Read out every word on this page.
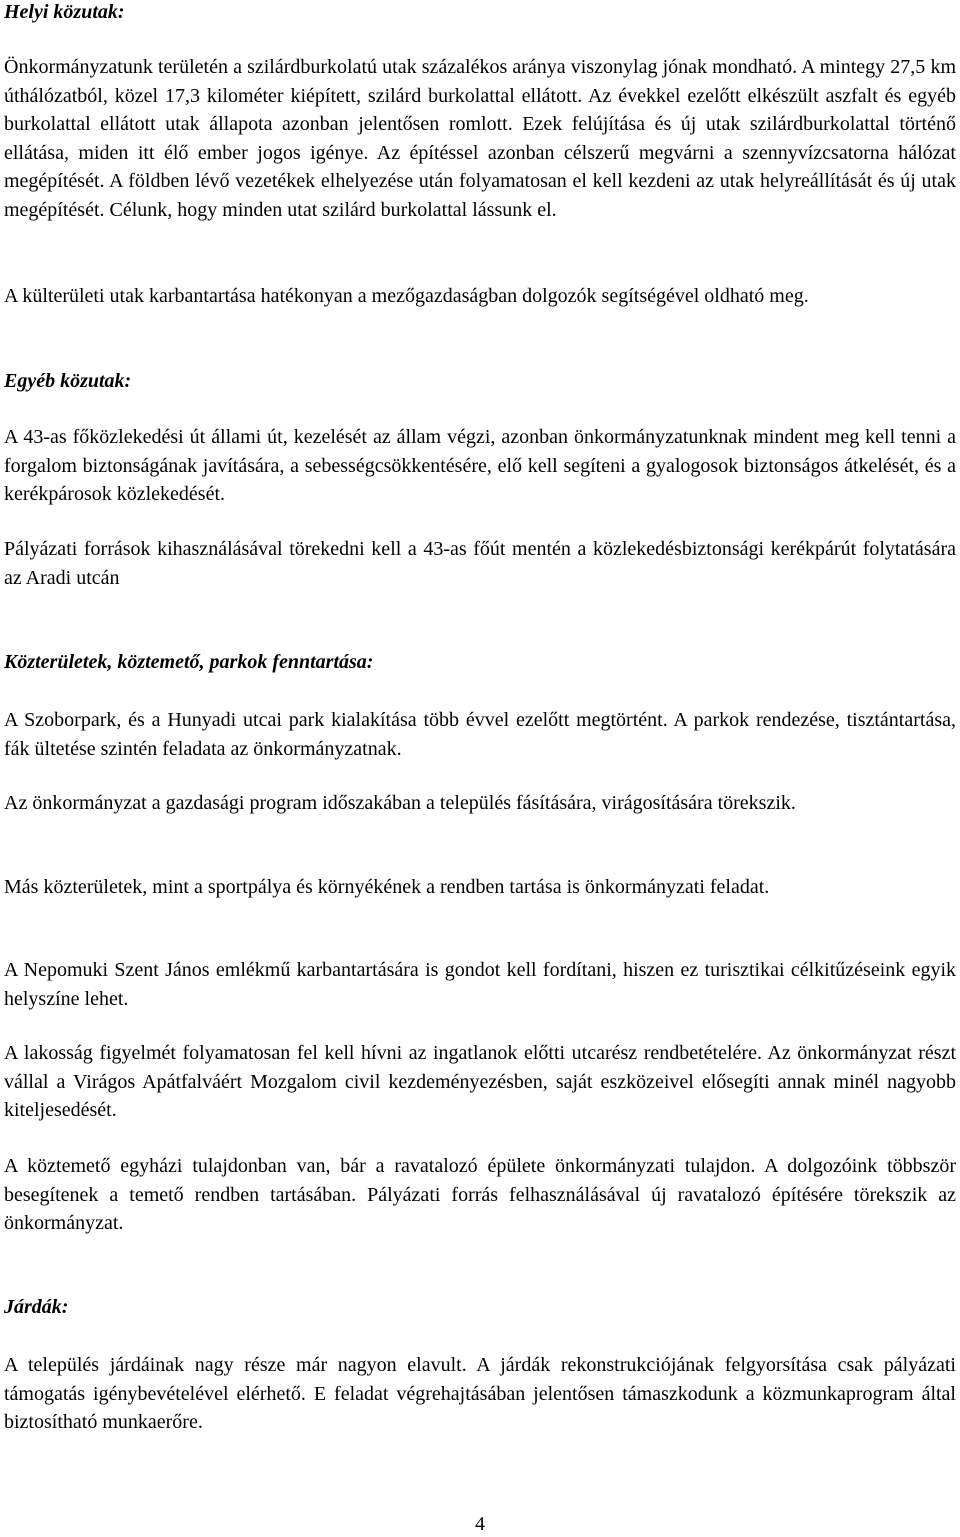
Helyi közutak:

Önkormányzatunk területén a szilárdburkolatú utak százalékos aránya viszonylag jónak mondható. A mintegy 27,5 km úthálózatból, közel 17,3 kilométer kiépített, szilárd burkolattal ellátott. Az évekkel ezelőtt elkészült aszfalt és egyéb burkolattal ellátott utak állapota azonban jelentősen romlott. Ezek felújítása és új utak szilárdburkolattal történő ellátása, miden itt élő ember jogos igénye. Az építéssel azonban célszerű megvárni a szennyvízcsatorna hálózat megépítését. A földben lévő vezetékek elhelyezése után folyamatosan el kell kezdeni az utak helyreállítását és új utak megépítését. Célunk, hogy minden utat szilárd burkolattal lássunk el.

A külterületi utak karbantartása hatékonyan a mezőgazdaságban dolgozók segítségével oldható meg.

Egyéb közutak:

A 43-as főközlekedési út állami út, kezelését az állam végzi, azonban önkormányzatunknak mindent meg kell tenni a forgalom biztonságának javítására, a sebességcsökkentésére, elő kell segíteni a gyalogosok biztonságos átkelését, és a kerékpárosok közlekedését.

Pályázati források kihasználásával törekedni kell a 43-as főút mentén a közlekedésbiztonsági kerékpárút folytatására az Aradi utcán

Közterületek, köztemető, parkok fenntartása:

A Szoborpark, és a Hunyadi utcai park kialakítása több évvel ezelőtt megtörtént. A parkok rendezése, tisztántartása, fák ültetése szintén feladata az önkormányzatnak.

Az önkormányzat a gazdasági program időszakában a település fásítására, virágosítására törekszik.

Más közterületek, mint a sportpálya és környékének a rendben tartása is önkormányzati feladat.

A Nepomuki Szent János emlékmű karbantartására is gondot kell fordítani, hiszen ez turisztikai célkitűzéseink egyik helyszíne lehet.

A lakosság figyelmét folyamatosan fel kell hívni az ingatlanok előtti utcarész rendbetételére. Az önkormányzat részt vállal a Virágos Apátfalváért Mozgalom civil kezdeményezésben, saját eszközeivel elősegíti annak minél nagyobb kiteljesedését.

A köztemető egyházi tulajdonban van, bár a ravatalozó épülete önkormányzati tulajdon. A dolgozóink többször besegítenek a temető rendben tartásában. Pályázati forrás felhasználásával új ravatalozó építésére törekszik az önkormányzat.

Járdák:

A település járdáinak nagy része már nagyon elavult. A járdák rekonstrukciójának felgyorsítása csak pályázati támogatás igénybevételével elérhető. E feladat végrehajtásában jelentősen támaszkodunk a közmunkaprogram által biztosítható munkaerőre.

4
